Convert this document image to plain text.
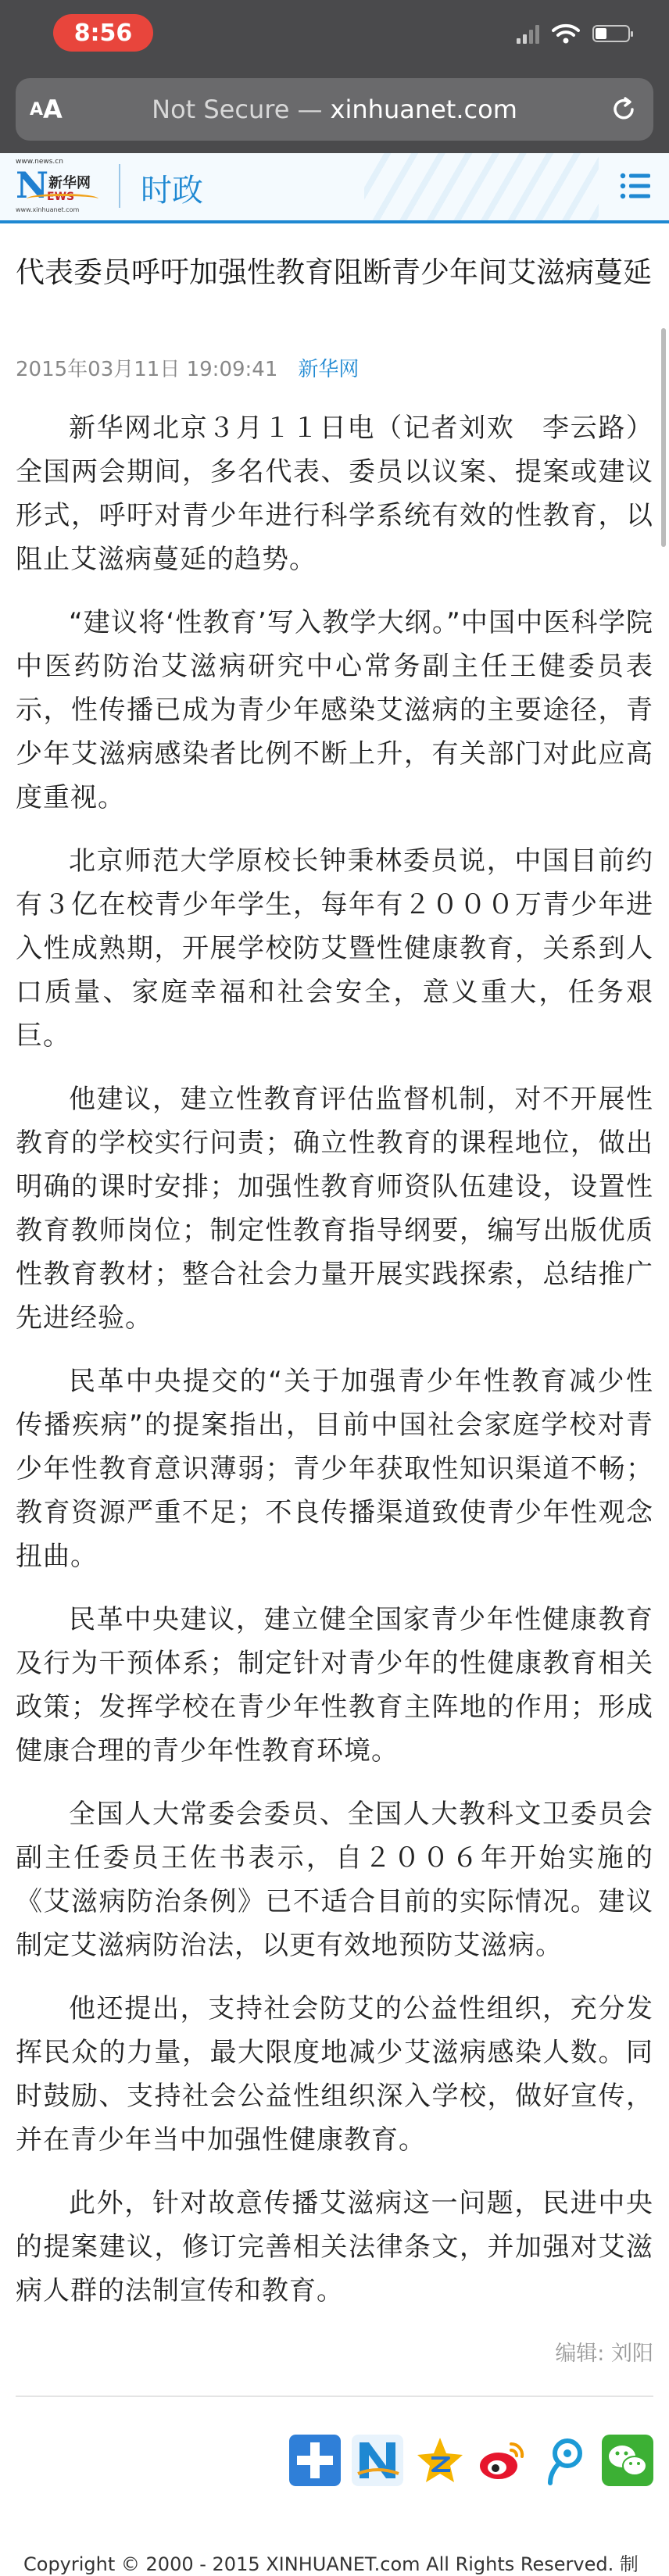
8:56
A A	Not Secure — xinhuanet.com
www.news.cn
N 新华网
EWS
www.xinhuanet.com
时政
代表委员呼吁加强性教育阻断青少年间艾滋病蔓延
2015年03月11日 19:09:41 新华网

新华网北京３月１１日电（记者刘欢　李云路）全国两会期间，多名代表、委员以议案、提案或建议形式，呼吁对青少年进行科学系统有效的性教育，以阻止艾滋病蔓延的趋势。

“建议将‘性教育’写入教学大纲。”中国中医科学院中医药防治艾滋病研究中心常务副主任王健委员表示，性传播已成为青少年感染艾滋病的主要途径，青少年艾滋病感染者比例不断上升，有关部门对此应高度重视。

北京师范大学原校长钟秉林委员说，中国目前约有３亿在校青少年学生，每年有２０００万青少年进入性成熟期，开展学校防艾暨性健康教育，关系到人口质量、家庭幸福和社会安全，意义重大，任务艰巨。

他建议，建立性教育评估监督机制，对不开展性教育的学校实行问责；确立性教育的课程地位，做出明确的课时安排；加强性教育师资队伍建设，设置性教育教师岗位；制定性教育指导纲要，编写出版优质性教育教材；整合社会力量开展实践探索，总结推广先进经验。

民革中央提交的“关于加强青少年性教育减少性传播疾病”的提案指出，目前中国社会家庭学校对青少年性教育意识薄弱；青少年获取性知识渠道不畅；教育资源严重不足；不良传播渠道致使青少年性观念扭曲。

民革中央建议，建立健全国家青少年性健康教育及行为干预体系；制定针对青少年的性健康教育相关政策；发挥学校在青少年性教育主阵地的作用；形成健康合理的青少年性教育环境。

全国人大常委会委员、全国人大教科文卫委员会副主任委员王佐书表示，自２００６年开始实施的《艾滋病防治条例》已不适合目前的实际情况。建议制定艾滋病防治法，以更有效地预防艾滋病。

他还提出，支持社会防艾的公益性组织，充分发挥民众的力量，最大限度地减少艾滋病感染人数。同时鼓励、支持社会公益性组织深入学校，做好宣传，并在青少年当中加强性健康教育。

此外，针对故意传播艾滋病这一问题，民进中央的提案建议，修订完善相关法律条文，并加强对艾滋病人群的法制宣传和教育。

编辑: 刘阳
Copyright © 2000 - 2015 XINHUANET.com All Rights Reserved. 制
